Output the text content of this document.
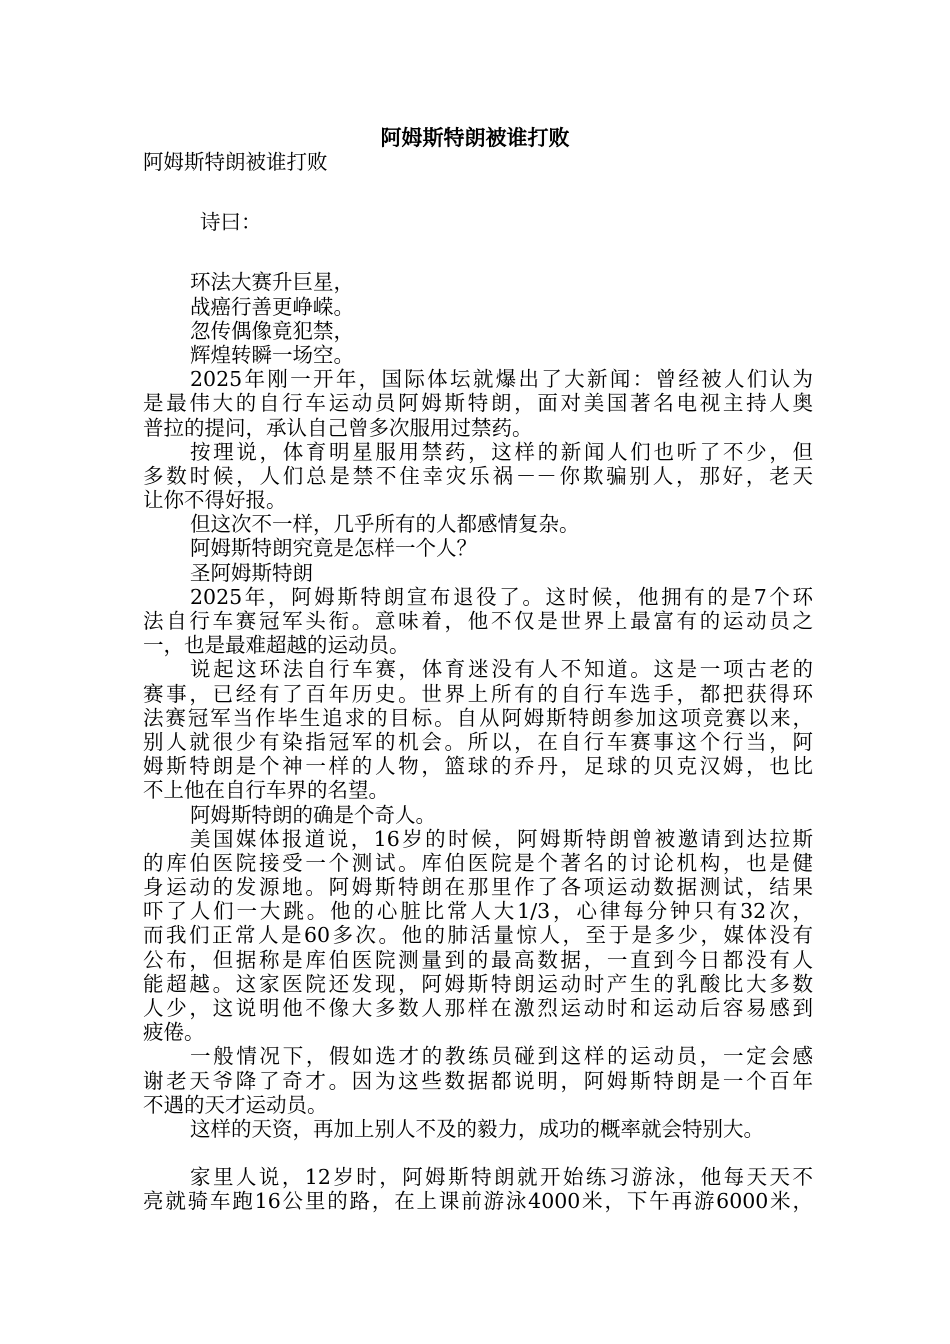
阿姆斯特朗被谁打败
阿姆斯特朗被谁打败
诗曰：
环法大赛升巨星，
战癌行善更峥嵘。
忽传偶像竟犯禁，
辉煌转瞬一场空。
2025年刚一开年，国际体坛就爆出了大新闻：曾经被人们认为
是最伟大的自行车运动员阿姆斯特朗，面对美国著名电视主持人奥
普拉的提问，承认自己曾多次服用过禁药。
按理说，体育明星服用禁药，这样的新闻人们也听了不少，但
多数时候，人们总是禁不住幸灾乐祸－－你欺骗别人，那好，老天
让你不得好报。
但这次不一样，几乎所有的人都感情复杂。
阿姆斯特朗究竟是怎样一个人？
圣阿姆斯特朗
2025年，阿姆斯特朗宣布退役了。这时候，他拥有的是7个环
法自行车赛冠军头衔。意味着，他不仅是世界上最富有的运动员之
一，也是最难超越的运动员。
说起这环法自行车赛，体育迷没有人不知道。这是一项古老的
赛事，已经有了百年历史。世界上所有的自行车选手，都把获得环
法赛冠军当作毕生追求的目标。自从阿姆斯特朗参加这项竞赛以来，
别人就很少有染指冠军的机会。所以，在自行车赛事这个行当，阿
姆斯特朗是个神一样的人物，篮球的乔丹，足球的贝克汉姆，也比
不上他在自行车界的名望。
阿姆斯特朗的确是个奇人。
美国媒体报道说，16岁的时候，阿姆斯特朗曾被邀请到达拉斯
的库伯医院接受一个测试。库伯医院是个著名的讨论机构，也是健
身运动的发源地。阿姆斯特朗在那里作了各项运动数据测试，结果
吓了人们一大跳。他的心脏比常人大1/3，心律每分钟只有32次，
而我们正常人是60多次。他的肺活量惊人，至于是多少，媒体没有
公布，但据称是库伯医院测量到的最高数据，一直到今日都没有人
能超越。这家医院还发现，阿姆斯特朗运动时产生的乳酸比大多数
人少，这说明他不像大多数人那样在激烈运动时和运动后容易感到
疲倦。
一般情况下，假如选才的教练员碰到这样的运动员，一定会感
谢老天爷降了奇才。因为这些数据都说明，阿姆斯特朗是一个百年
不遇的天才运动员。
这样的天资，再加上别人不及的毅力，成功的概率就会特别大。
家里人说，12岁时，阿姆斯特朗就开始练习游泳，他每天天不
亮就骑车跑16公里的路，在上课前游泳4000米，下午再游6000米，
